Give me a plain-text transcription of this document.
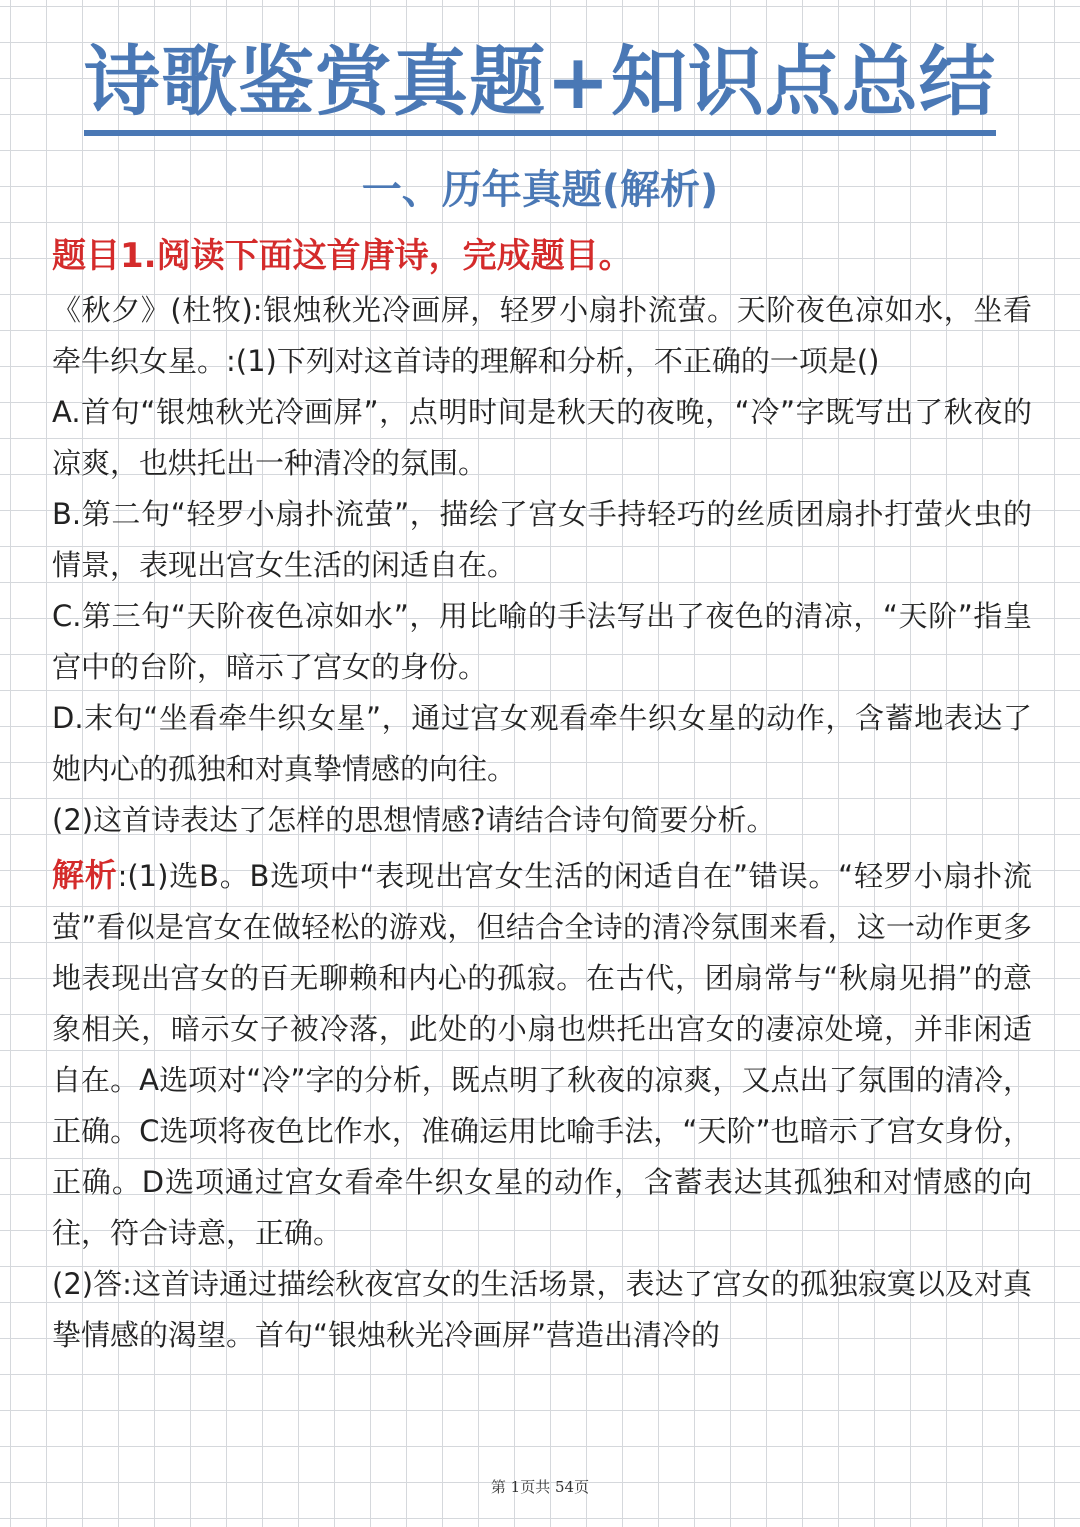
诗歌鉴赏真题+知识点总结
一、历年真题(解析)
题目1.阅读下面这首唐诗，完成题目。

《秋夕》(杜牧):银烛秋光冷画屏，轻罗小扇扑流萤。天阶夜色凉如水，坐看牵牛织女星。:(1)下列对这首诗的理解和分析，不正确的一项是()

A.首句“银烛秋光冷画屏”，点明时间是秋天的夜晚，“冷”字既写出了秋夜的凉爽，也烘托出一种清冷的氛围。

B.第二句“轻罗小扇扑流萤”，描绘了宫女手持轻巧的丝质团扇扑打萤火虫的情景，表现出宫女生活的闲适自在。

C.第三句“天阶夜色凉如水”，用比喻的手法写出了夜色的清凉，“天阶”指皇宫中的台阶，暗示了宫女的身份。

D.末句“坐看牵牛织女星”，通过宫女观看牵牛织女星的动作，含蓄地表达了她内心的孤独和对真挚情感的向往。

(2)这首诗表达了怎样的思想情感?请结合诗句简要分析。

解析:(1)选B。B选项中“表现出宫女生活的闲适自在”错误。“轻罗小扇扑流萤”看似是宫女在做轻松的游戏，但结合全诗的清冷氛围来看，这一动作更多地表现出宫女的百无聊赖和内心的孤寂。在古代，团扇常与“秋扇见捐”的意象相关，暗示女子被冷落，此处的小扇也烘托出宫女的凄凉处境，并非闲适自在。A选项对“冷”字的分析，既点明了秋夜的凉爽，又点出了氛围的清冷，正确。C选项将夜色比作水，准确运用比喻手法，“天阶”也暗示了宫女身份，正确。D选项通过宫女看牵牛织女星的动作，含蓄表达其孤独和对情感的向往，符合诗意，正确。

(2)答:这首诗通过描绘秋夜宫女的生活场景，表达了宫女的孤独寂寞以及对真挚情感的渴望。首句“银烛秋光冷画屏”营造出清冷的

第 1页共 54页
